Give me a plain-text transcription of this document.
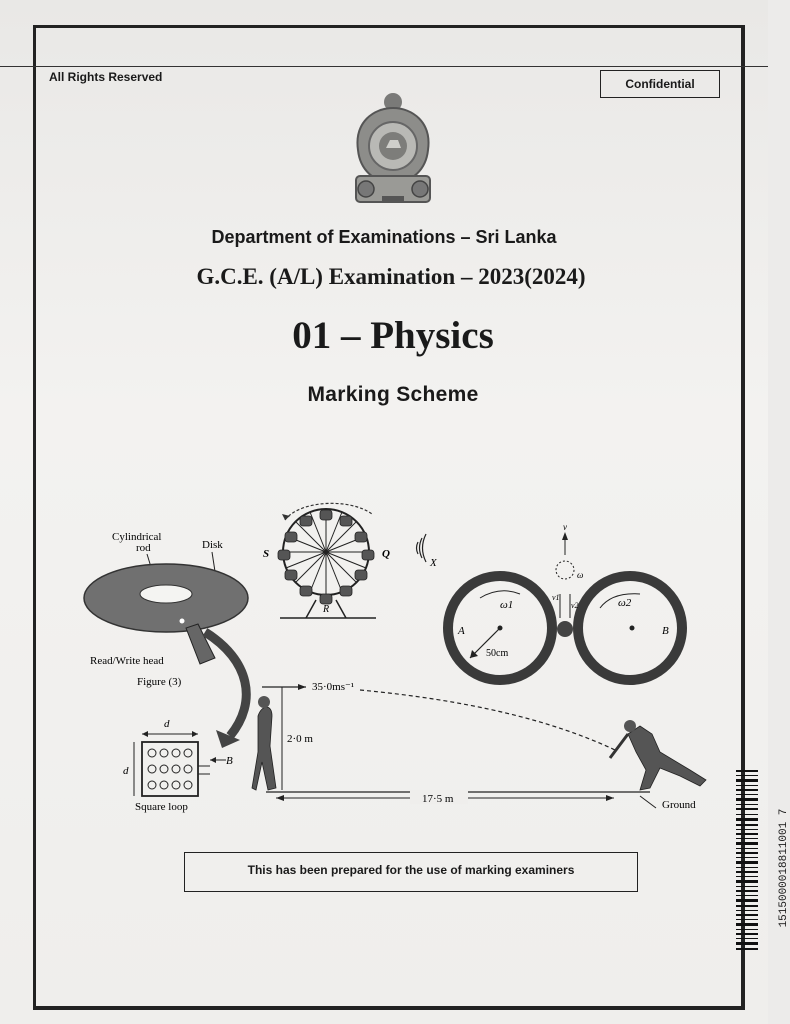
All Rights Reserved	Confidential
Department of Examinations – Sri Lanka
G.C.E. (A/L) Examination – 2023(2024)
01 – Physics
Marking Scheme
Cylindrical
rod	Disk
Read/Write head
Figure (3)
S	Q
R
X
A	B
ω1	ω2
50cm
v
ω
v1
v2
d
d
B
Square loop
35·0ms⁻¹
2·0 m
17·5 m	Ground
This has been prepared for the use of marking examiners	1515000018811001 7
